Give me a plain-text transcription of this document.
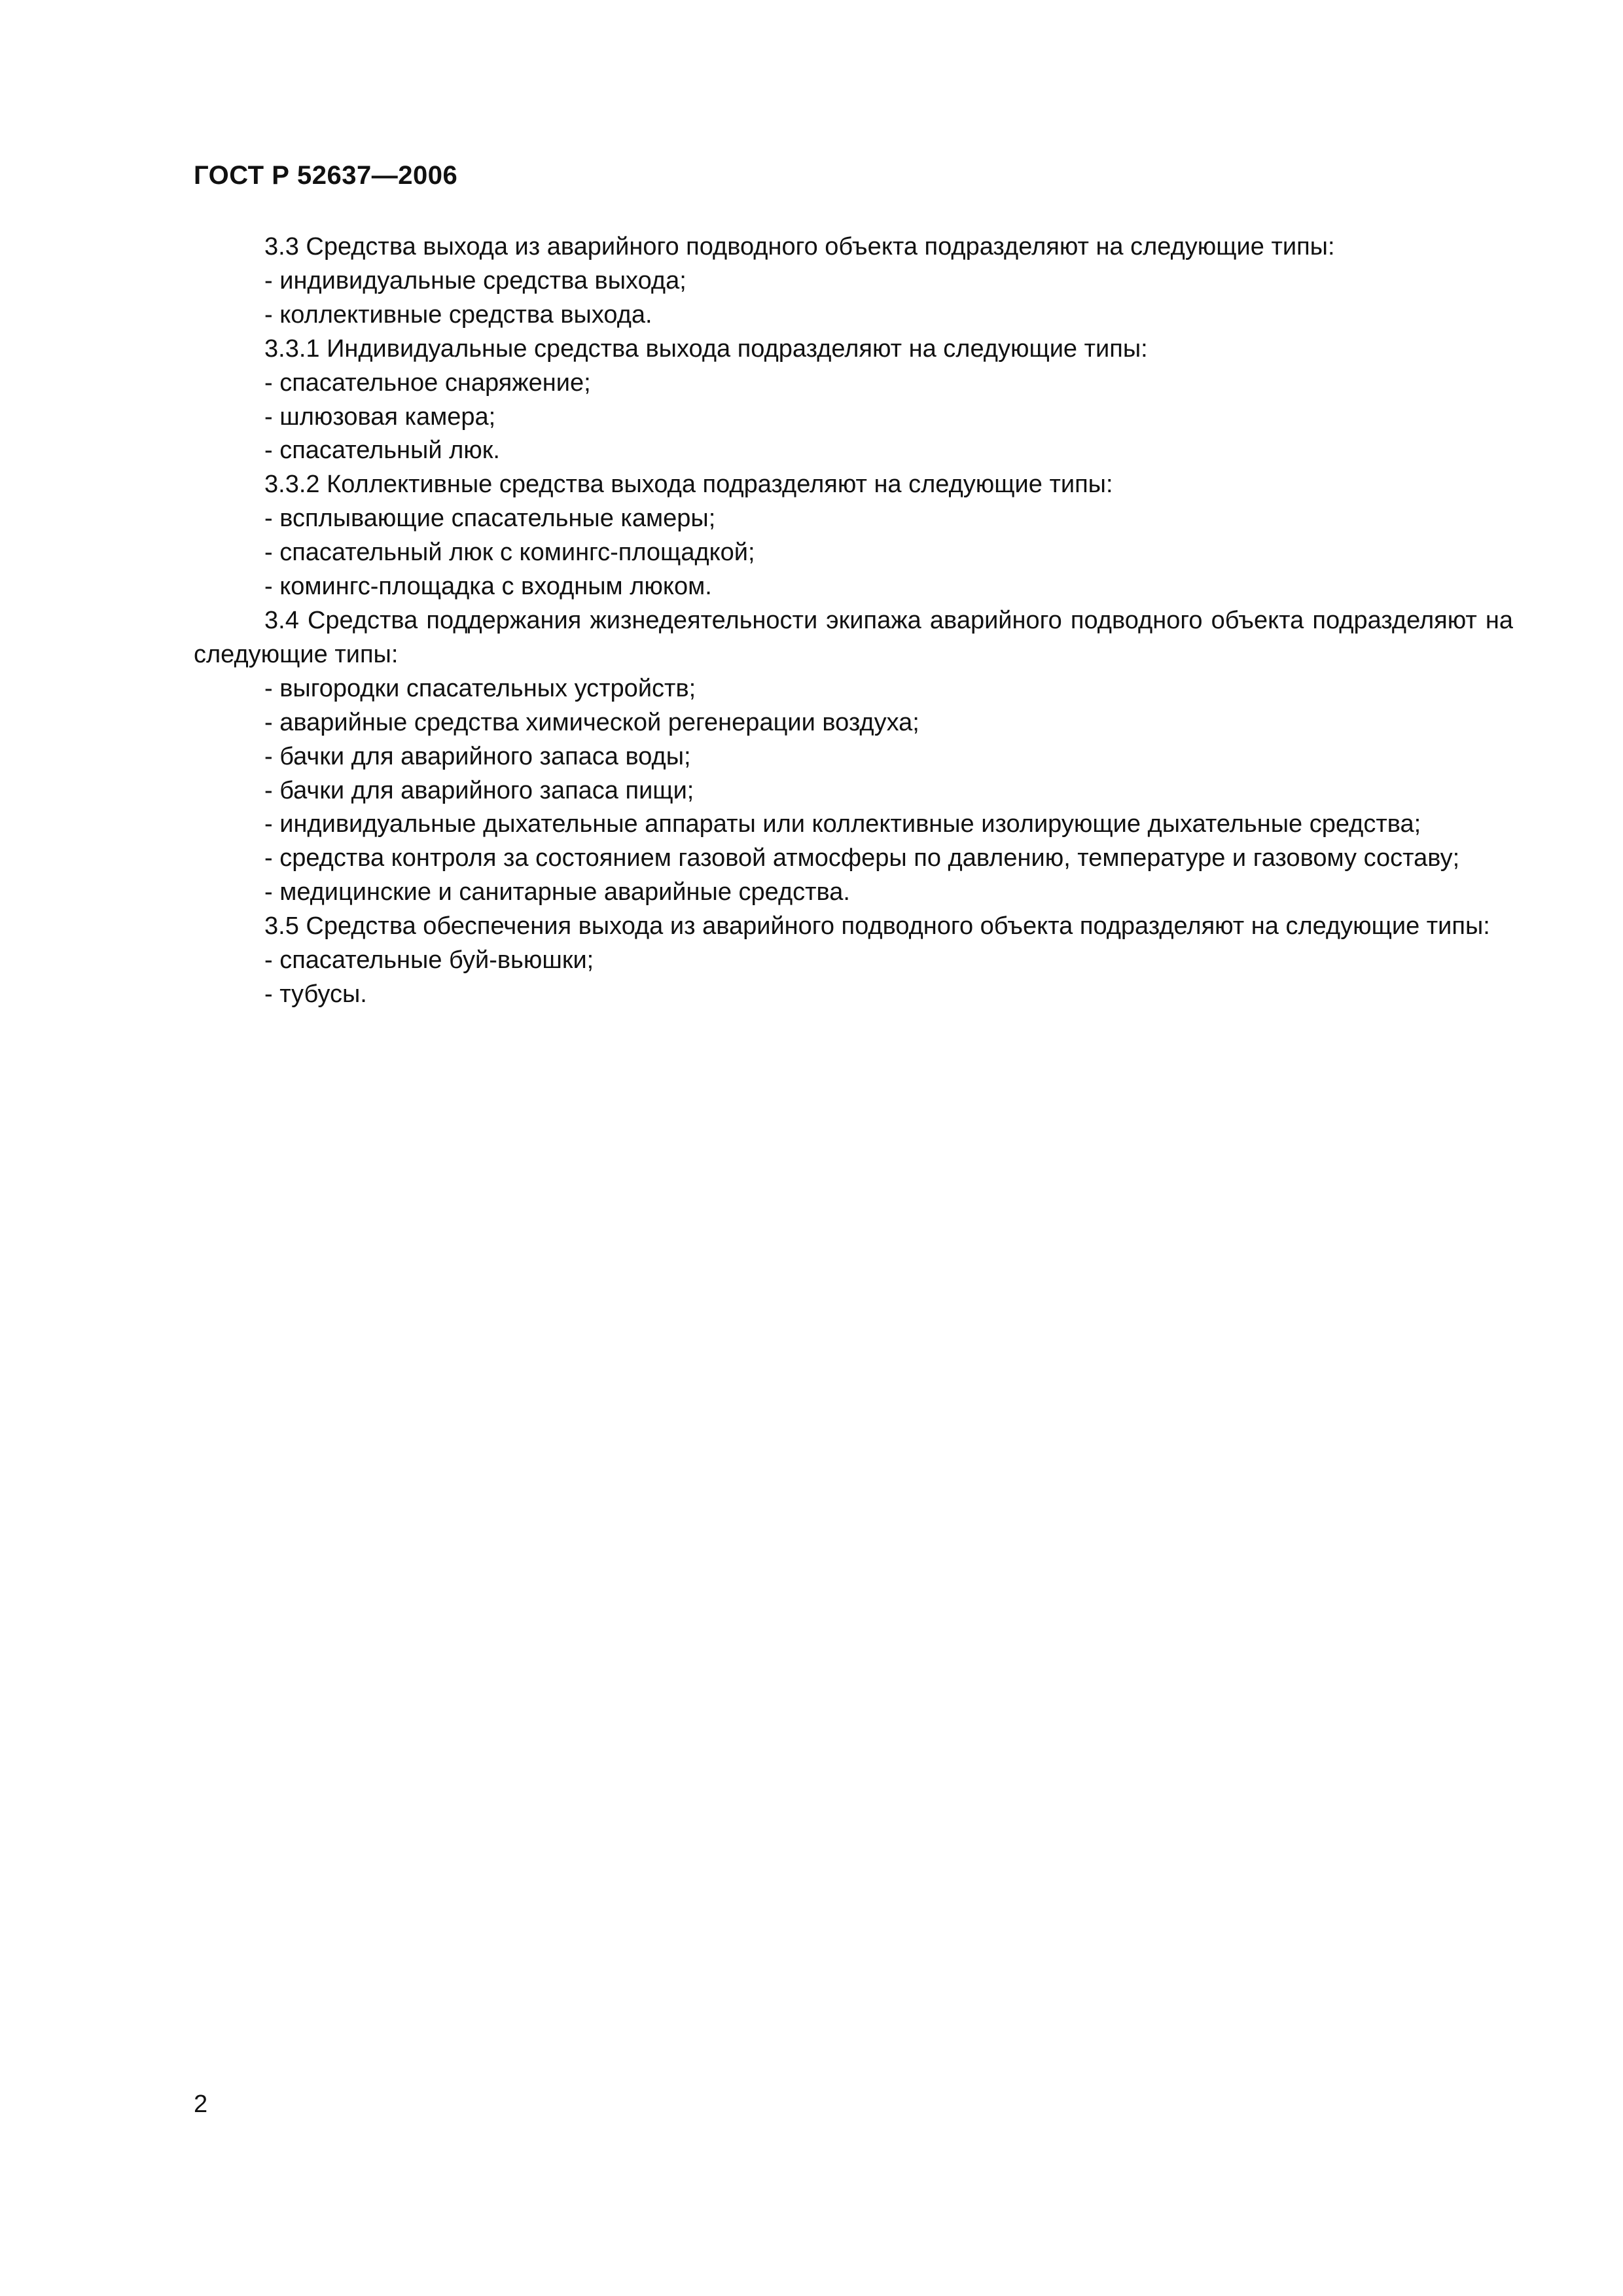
ГОСТ Р 52637—2006

3.3 Средства выхода из аварийного подводного объекта подразделяют на следующие типы:

- индивидуальные средства выхода;

- коллективные средства выхода.

3.3.1 Индивидуальные средства выхода подразделяют на следующие типы:

- спасательное снаряжение;

- шлюзовая камера;

- спасательный люк.

3.3.2 Коллективные средства выхода подразделяют на следующие типы:

- всплывающие спасательные камеры;

- спасательный люк с комингс-площадкой;

- комингс-площадка с входным люком.

3.4 Средства поддержания жизнедеятельности экипажа аварийного подводного объекта подразделяют на следующие типы:

- выгородки спасательных устройств;

- аварийные средства химической регенерации воздуха;

- бачки для аварийного запаса воды;

- бачки для аварийного запаса пищи;

- индивидуальные дыхательные аппараты или коллективные изолирующие дыхательные средства;

- средства контроля за состоянием газовой атмосферы по давлению, температуре и газовому составу;

- медицинские и санитарные аварийные средства.

3.5 Средства обеспечения выхода из аварийного подводного объекта подразделяют на следующие типы:

- спасательные буй-вьюшки;

- тубусы.

2
